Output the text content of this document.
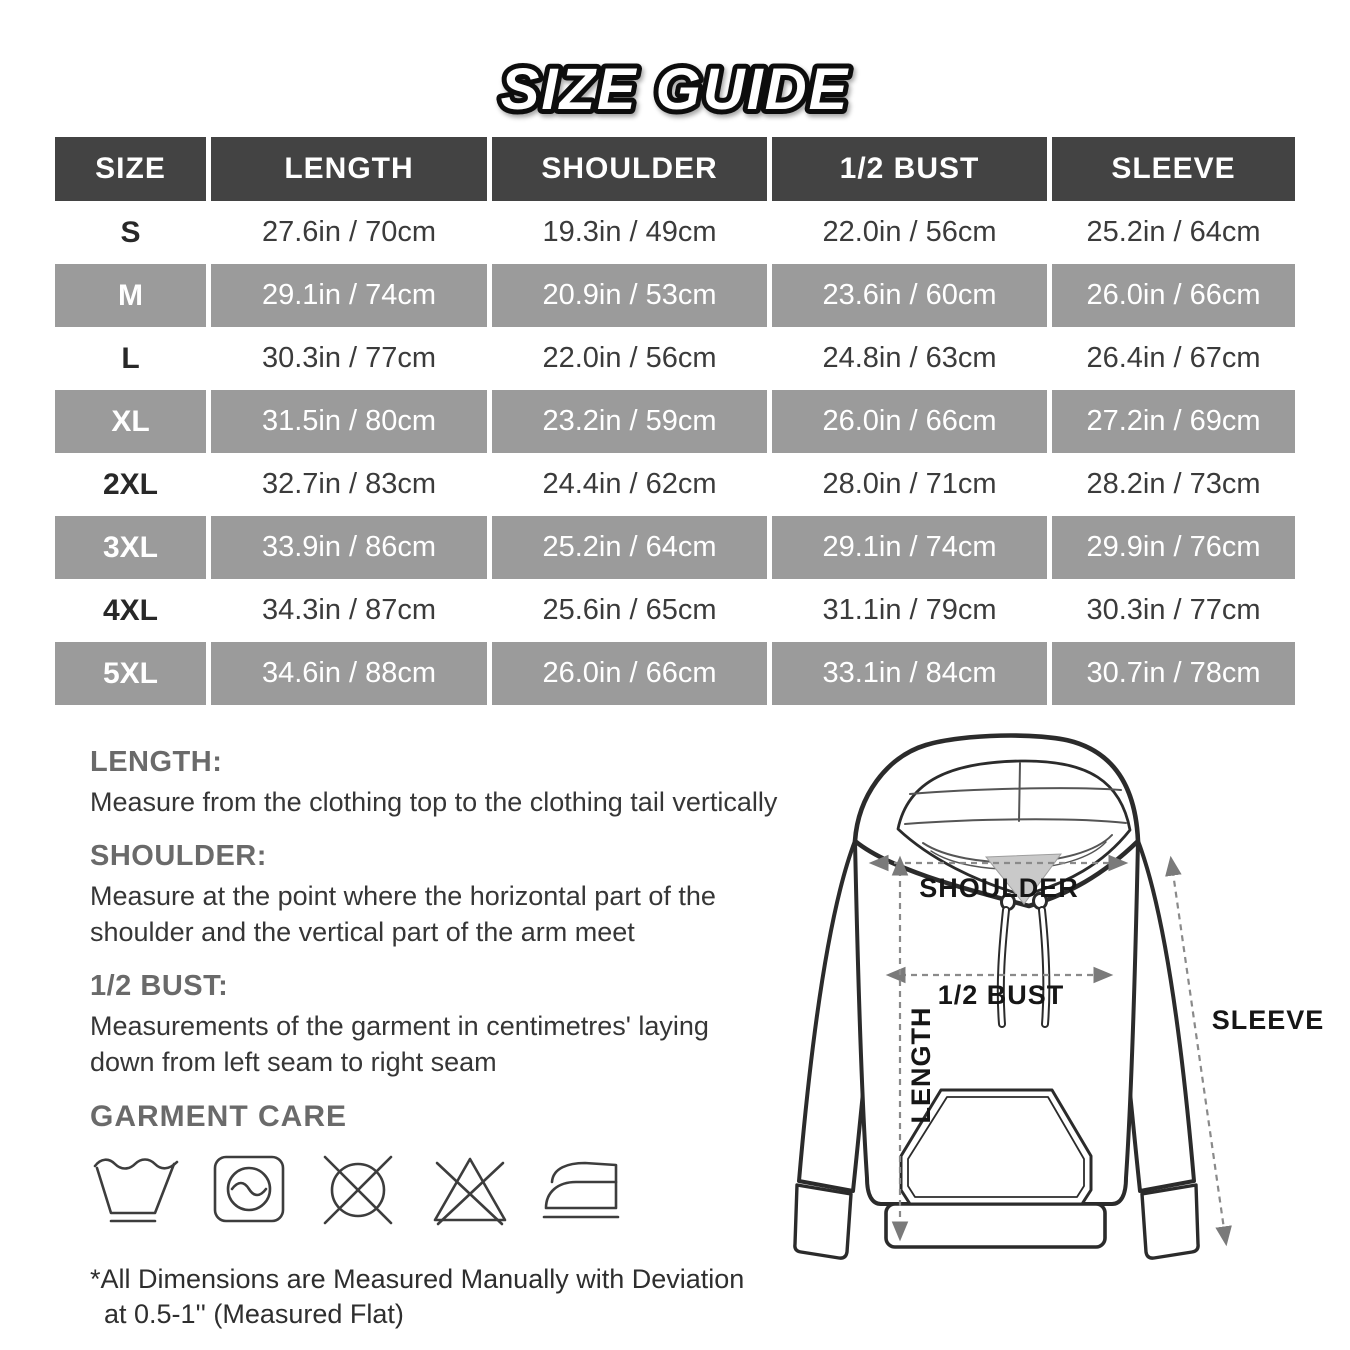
SIZE GUIDE
SIZE	LENGTH	SHOULDER	1/2 BUST	SLEEVE
S	27.6in / 70cm	19.3in / 49cm	22.0in / 56cm	25.2in / 64cm
M	29.1in / 74cm	20.9in / 53cm	23.6in / 60cm	26.0in / 66cm
L	30.3in / 77cm	22.0in / 56cm	24.8in / 63cm	26.4in / 67cm
XL	31.5in / 80cm	23.2in / 59cm	26.0in / 66cm	27.2in / 69cm
2XL	32.7in / 83cm	24.4in / 62cm	28.0in / 71cm	28.2in / 73cm
3XL	33.9in / 86cm	25.2in / 64cm	29.1in / 74cm	29.9in / 76cm
4XL	34.3in / 87cm	25.6in / 65cm	31.1in / 79cm	30.3in / 77cm
5XL	34.6in / 88cm	26.0in / 66cm	33.1in / 84cm	30.7in / 78cm
LENGTH:
Measure from the clothing top to the clothing tail vertically
SHOULDER:
Measure at the point where the horizontal part of the
shoulder and the vertical part of the arm meet
1/2 BUST:
Measurements of the garment in centimetres' laying
down from left seam to right seam
GARMENT CARE
*All Dimensions are Measured Manually with Deviation
at 0.5-1'' (Measured Flat)
SHOULDER
1/2 BUST
LENGTH	SLEEVE
